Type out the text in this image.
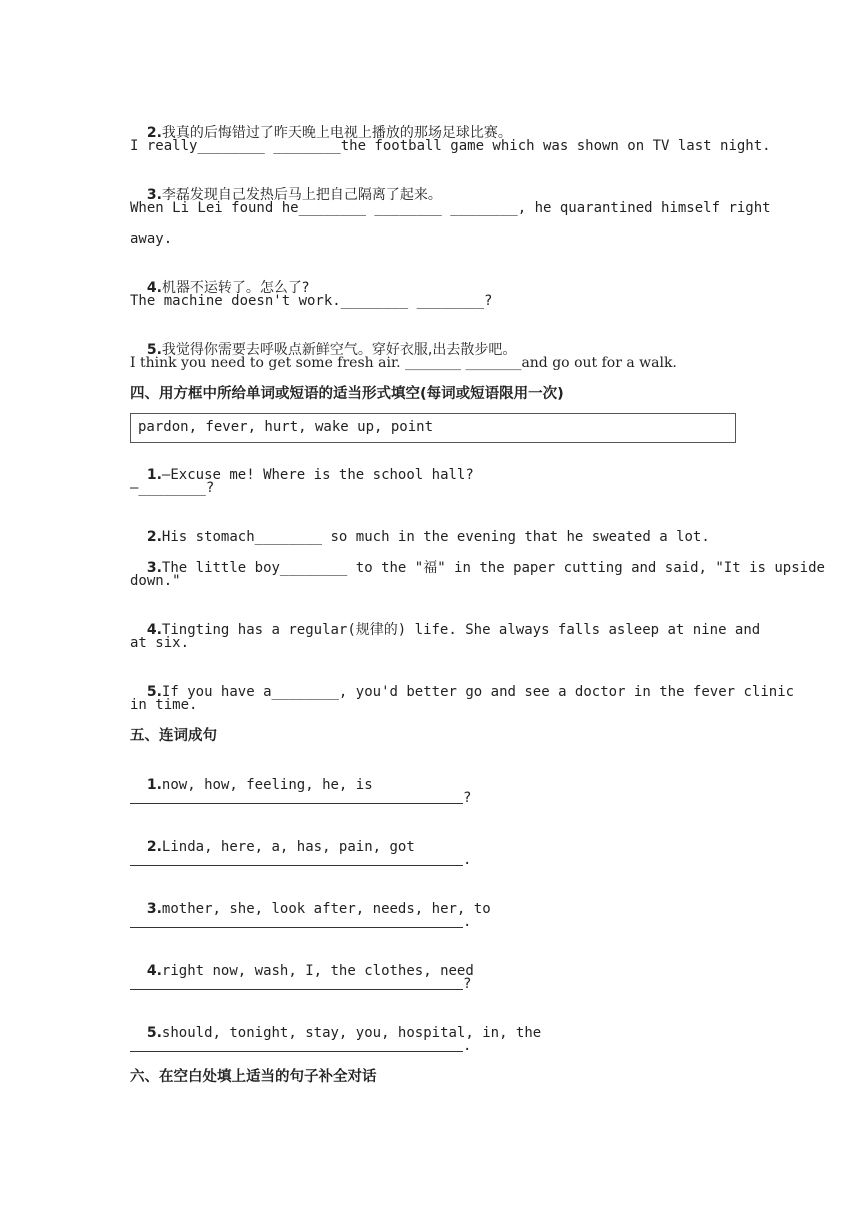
2.我真的后悔错过了昨天晚上电视上播放的那场足球比赛。

I really________ ________the football game which was shown on TV last night.

3.李磊发现自己发热后马上把自己隔离了起来。

When Li Lei found he________ ________ ________, he quarantined himself right
away.

4.机器不运转了。怎么了?

The machine doesn't work.________ ________?

5.我觉得你需要去呼吸点新鲜空气。穿好衣服,出去散步吧。

I think you need to get some fresh air. ________ ________and go out for a walk.
四、用方框中所给单词或短语的适当形式填空(每词或短语限用一次)
pardon, fever, hurt, wake up, point

1.—Excuse me! Where is the school hall?

—________?

2.His stomach________ so much in the evening that he sweated a lot.

3.The little boy________ to the "福" in the paper cutting and said, "It is upside

down."

4.Tingting has a regular(规律的) life. She always falls asleep at nine and

at six.

5.If you have a________, you'd better go and see a doctor in the fever clinic

in time.
五、连词成句

1.now, how, feeling, he, is

?

2.Linda, here, a, has, pain, got

.

3.mother, she, look after, needs, her, to

.

4.right now, wash, I, the clothes, need

?

5.should, tonight, stay, you, hospital, in, the

.
六、在空白处填上适当的句子补全对话
